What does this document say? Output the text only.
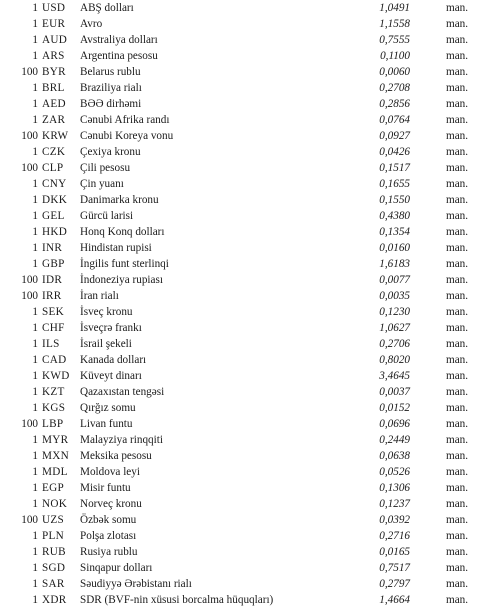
1 USD	ABŞ dolları	1,0491	man.
1 EUR	Avro	1,1558	man.
1 AUD	Avstraliya dolları	0,7555	man.
1 ARS	Argentina pesosu	0,1100	man.
100 BYR	Belarus rublu	0,0060	man.
1 BRL	Braziliya rialı	0,2708	man.
1 AED	BƏƏ dirhəmi	0,2856	man.
1 ZAR	Cənubi Afrika randı	0,0764	man.
100 KRW	Cənubi Koreya vonu	0,0927	man.
1 CZK	Çexiya kronu	0,0426	man.
100 CLP	Çili pesosu	0,1517	man.
1 CNY	Çin yuanı	0,1655	man.
1 DKK	Danimarka kronu	0,1550	man.
1 GEL	Gürcü larisi	0,4380	man.
1 HKD	Honq Konq dolları	0,1354	man.
1 INR	Hindistan rupisi	0,0160	man.
1 GBP	İngilis funt sterlinqi	1,6183	man.
100 IDR	İndoneziya rupiası	0,0077	man.
100 IRR	İran rialı	0,0035	man.
1 SEK	İsveç kronu	0,1230	man.
1 CHF	İsveçrə frankı	1,0627	man.
1 ILS	İsrail şekeli	0,2706	man.
1 CAD	Kanada dolları	0,8020	man.
1 KWD Küveyt dinarı	3,4645	man.
1 KZT	Qazaxıstan tengəsi	0,0037	man.
1 KGS	Qırğız somu	0,0152	man.
100 LBP	Livan funtu	0,0696	man.
1 MYR	Malayziya rinqqiti	0,2449	man.
1 MXN Meksika pesosu	0,0638	man.
1 MDL	Moldova leyi	0,0526	man.
1 EGP	Misir funtu	0,1306	man.
1 NOK	Norveç kronu	0,1237	man.
100 UZS	Özbək somu	0,0392	man.
1 PLN	Polşa zlotası	0,2716	man.
1 RUB	Rusiya rublu	0,0165	man.
1 SGD	Sinqapur dolları	0,7517	man.
1 SAR	Səudiyyə Ərəbistanı rialı	0,2797	man.
1 XDR	SDR (BVF-nin xüsusi borcalma hüquqları)	1,4664	man.
